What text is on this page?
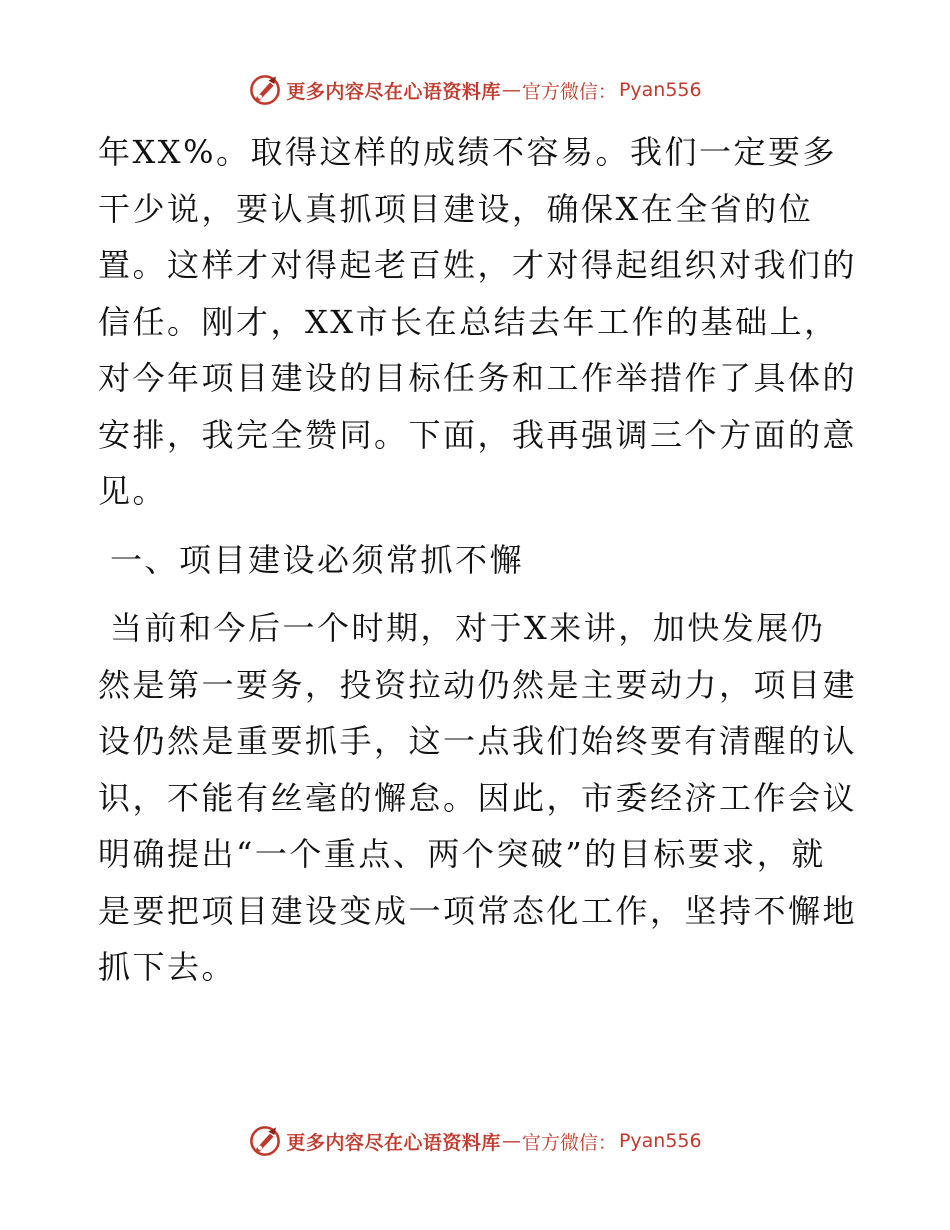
更多内容尽在心语资料库 — 官方微信： Pyan556

年XX%。取得这样的成绩不容易。我们一定要多干少说，要认真抓项目建设，确保X在全省的位置。这样才对得起老百姓，才对得起组织对我们的信任。刚才，XX市长在总结去年工作的基础上，对今年项目建设的目标任务和工作举措作了具体的安排，我完全赞同。下面，我再强调三个方面的意见。

一、项目建设必须常抓不懈

当前和今后一个时期，对于X来讲，加快发展仍然是第一要务，投资拉动仍然是主要动力，项目建设仍然是重要抓手，这一点我们始终要有清醒的认识，不能有丝毫的懈怠。因此，市委经济工作会议明确提出“一个重点、两个突破”的目标要求，就是要把项目建设变成一项常态化工作，坚持不懈地抓下去。

更多内容尽在心语资料库 — 官方微信： Pyan556
